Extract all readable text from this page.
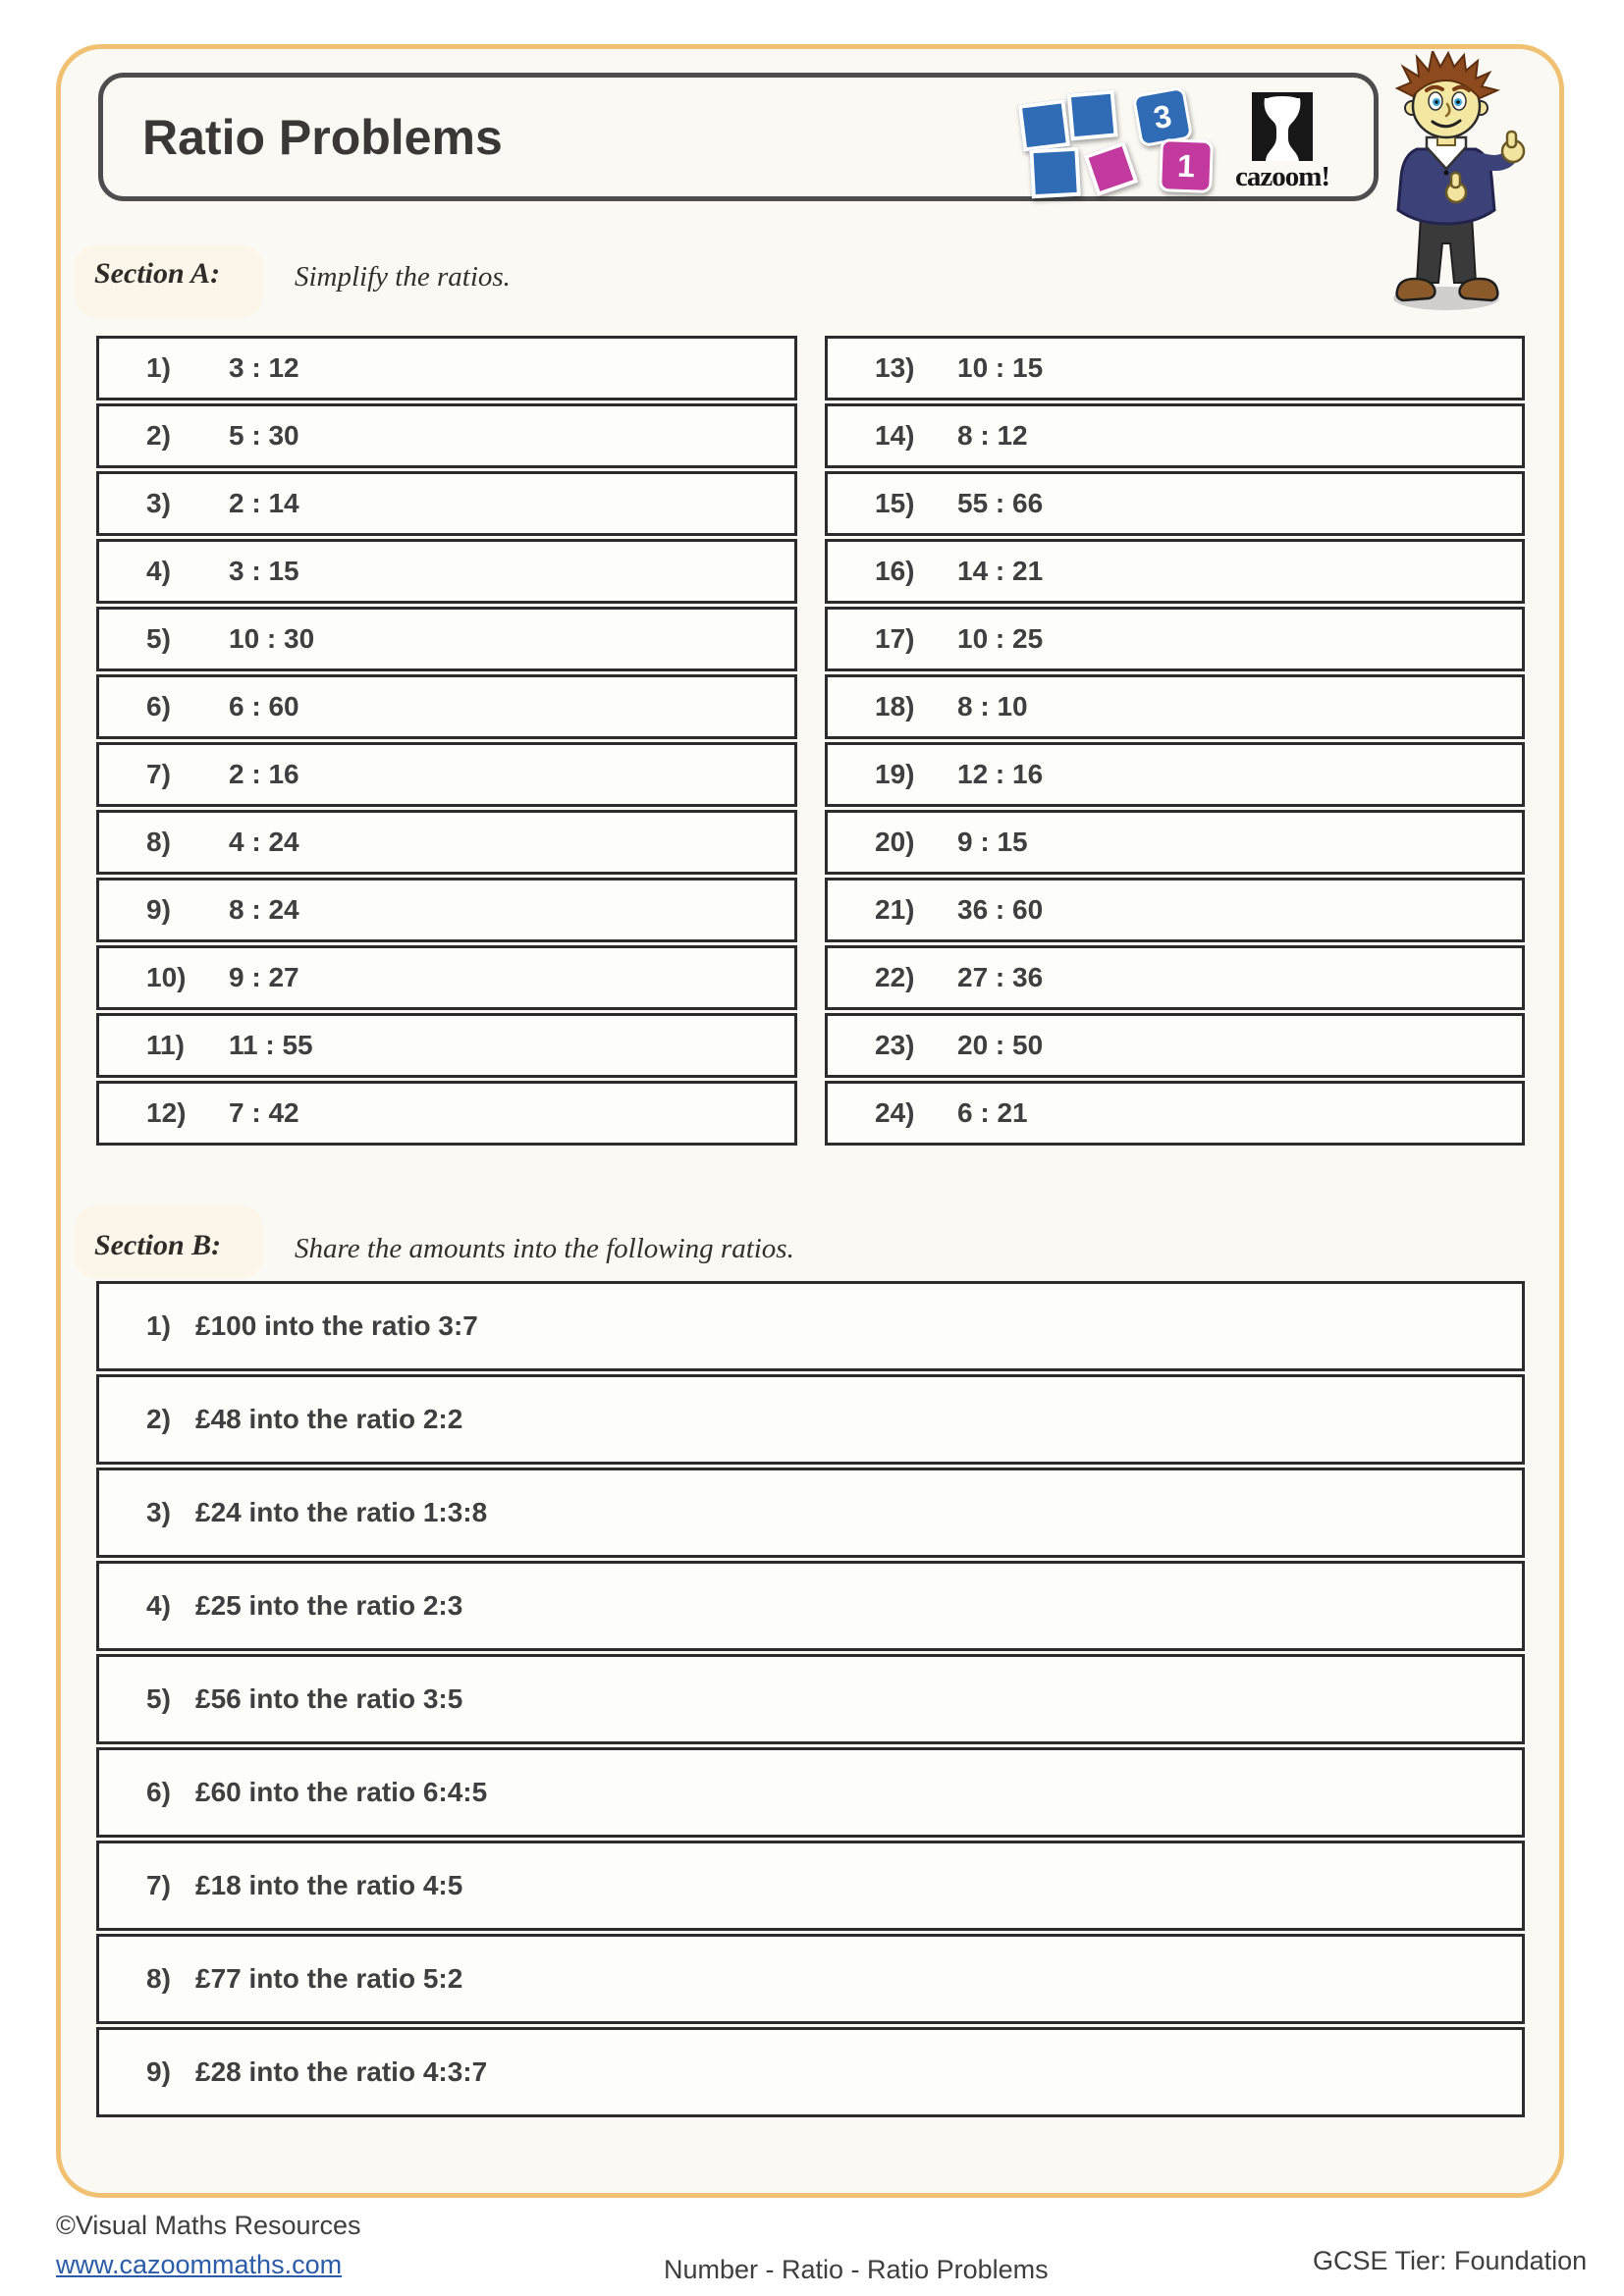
Ratio Problems	3
1	cazoom!
Section A:	Simplify the ratios.
1)	3 : 12
2)	5 : 30
3)	2 : 14
4)	3 : 15
5)	10 : 30
6)	6 : 60
7)	2 : 16
8)	4 : 24
9)	8 : 24
10)	9 : 27
11)	11 : 55
12)	7 : 42
13)	10 : 15
14)	8 : 12
15)	55 : 66
16)	14 : 21
17)	10 : 25
18)	8 : 10
19)	12 : 16
20)	9 : 15
21)	36 : 60
22)	27 : 36
23)	20 : 50
24)	6 : 21
Section B:	Share the amounts into the following ratios.
1) £100 into the ratio 3:7
2) £48 into the ratio 2:2
3) £24 into the ratio 1:3:8
4) £25 into the ratio 2:3
5) £56 into the ratio 3:5
6) £60 into the ratio 6:4:5
7) £18 into the ratio 4:5
8) £77 into the ratio 5:2
9) £28 into the ratio 4:3:7
©Visual Maths Resources
www.cazoommaths.com	Number - Ratio - Ratio Problems	GCSE Tier: Foundation
